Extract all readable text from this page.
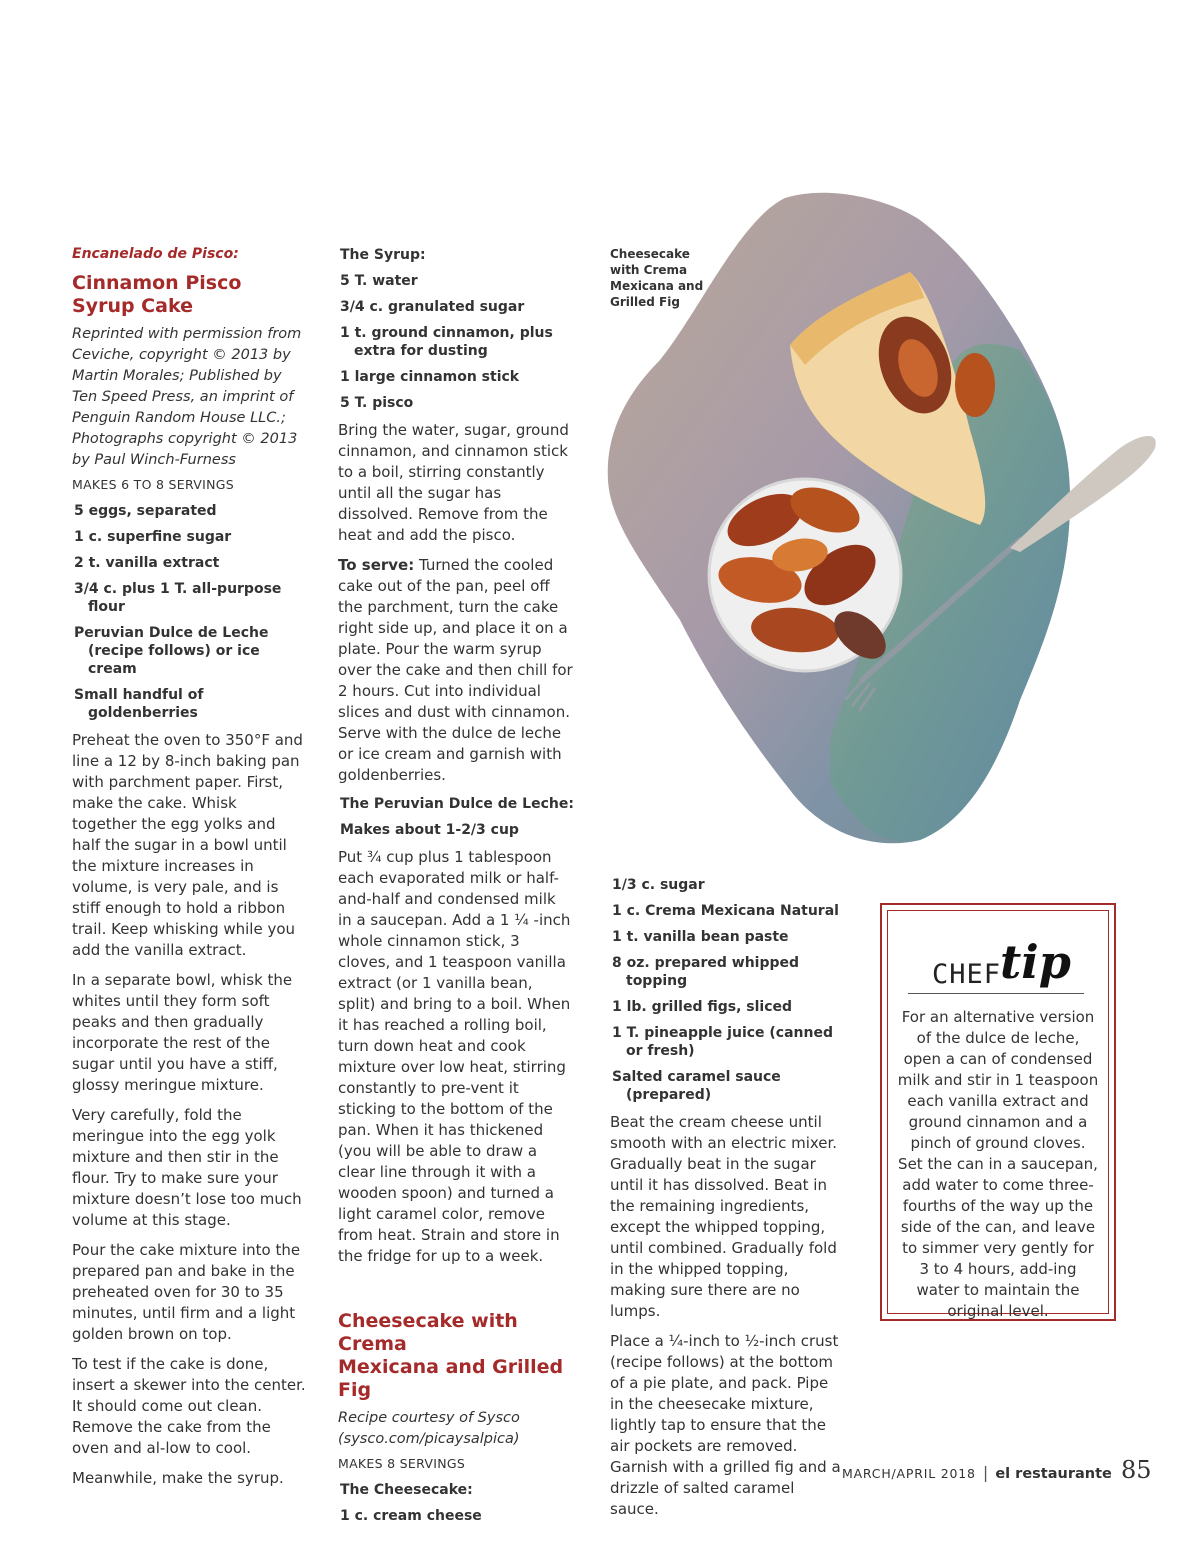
Encanelado de Pisco:
Cinnamon Pisco
Syrup Cake
Reprinted with permission from Ceviche, copyright © 2013 by Martin Morales; Published by Ten Speed Press, an imprint of Penguin Random House LLC.; Photographs copyright © 2013 by Paul Winch-Furness
MAKES 6 TO 8 SERVINGS
5 eggs, separated
1 c. superfine sugar
2 t. vanilla extract
3/4 c. plus 1 T. all-purpose flour
Peruvian Dulce de Leche (recipe follows) or ice cream
Small handful of goldenberries
Preheat the oven to 350°F and line a 12 by 8-inch baking pan with parchment paper. First, make the cake. Whisk together the egg yolks and half the sugar in a bowl until the mixture increases in volume, is very pale, and is stiff enough to hold a ribbon trail. Keep whisking while you add the vanilla extract.
In a separate bowl, whisk the whites until they form soft peaks and then gradually incorporate the rest of the sugar until you have a stiff, glossy meringue mixture.
Very carefully, fold the meringue into the egg yolk mixture and then stir in the flour. Try to make sure your mixture doesn’t lose too much volume at this stage.
Pour the cake mixture into the prepared pan and bake in the preheated oven for 30 to 35 minutes, until firm and a light golden brown on top.
To test if the cake is done, insert a skewer into the center. It should come out clean. Remove the cake from the oven and al-low to cool.
Meanwhile, make the syrup.
The Syrup:
5 T. water
3/4 c. granulated sugar
1 t. ground cinnamon, plus extra for dusting
1 large cinnamon stick
5 T. pisco
Bring the water, sugar, ground cinnamon, and cinnamon stick to a boil, stirring constantly until all the sugar has dissolved. Remove from the heat and add the pisco.
To serve: Turned the cooled cake out of the pan, peel off the parchment, turn the cake right side up, and place it on a plate. Pour the warm syrup over the cake and then chill for 2 hours. Cut into individual slices and dust with cinnamon. Serve with the dulce de leche or ice cream and garnish with goldenberries.
The Peruvian Dulce de Leche:
Makes about 1-2/3 cup
Put ¾ cup plus 1 tablespoon each evaporated milk or half-and-half and condensed milk in a saucepan. Add a 1 ¼ -inch whole cinnamon stick, 3 cloves, and 1 teaspoon vanilla extract (or 1 vanilla bean, split) and bring to a boil. When it has reached a rolling boil, turn down heat and cook mixture over low heat, stirring constantly to pre-vent it sticking to the bottom of the pan. When it has thickened (you will be able to draw a clear line through it with a wooden spoon) and turned a light caramel color, remove from heat. Strain and store in the fridge for up to a week.
Cheesecake with Crema
Mexicana and Grilled Fig
Recipe courtesy of Sysco (sysco.com/picaysalpica)
MAKES 8 SERVINGS
The Cheesecake:
1 c. cream cheese
Cheesecake with Crema Mexicana and Grilled Fig
1/3 c. sugar
1 c. Crema Mexicana Natural
1 t. vanilla bean paste
8 oz. prepared whipped topping
1 lb. grilled figs, sliced
1 T. pineapple juice (canned or fresh)
Salted caramel sauce (prepared)
Beat the cream cheese until smooth with an electric mixer. Gradually beat in the sugar until it has dissolved. Beat in the remaining ingredients, except the whipped topping, until combined. Gradually fold in the whipped topping, making sure there are no lumps.
Place a ¼-inch to ½-inch crust (recipe follows) at the bottom of a pie plate, and pack. Pipe in the cheesecake mixture, lightly tap to ensure that the air pockets are removed. Garnish with a grilled fig and a drizzle of salted caramel sauce.
CHEF
tip
For an alternative version of the dulce de leche, open a can of condensed milk and stir in 1 teaspoon each vanilla extract and ground cinnamon and a pinch of ground cloves. Set the can in a saucepan, add water to come three-fourths of the way up the side of the can, and leave to simmer very gently for 3 to 4 hours, add-ing water to maintain the original level.
MARCH/APRIL 2018 | el restaurante 85
